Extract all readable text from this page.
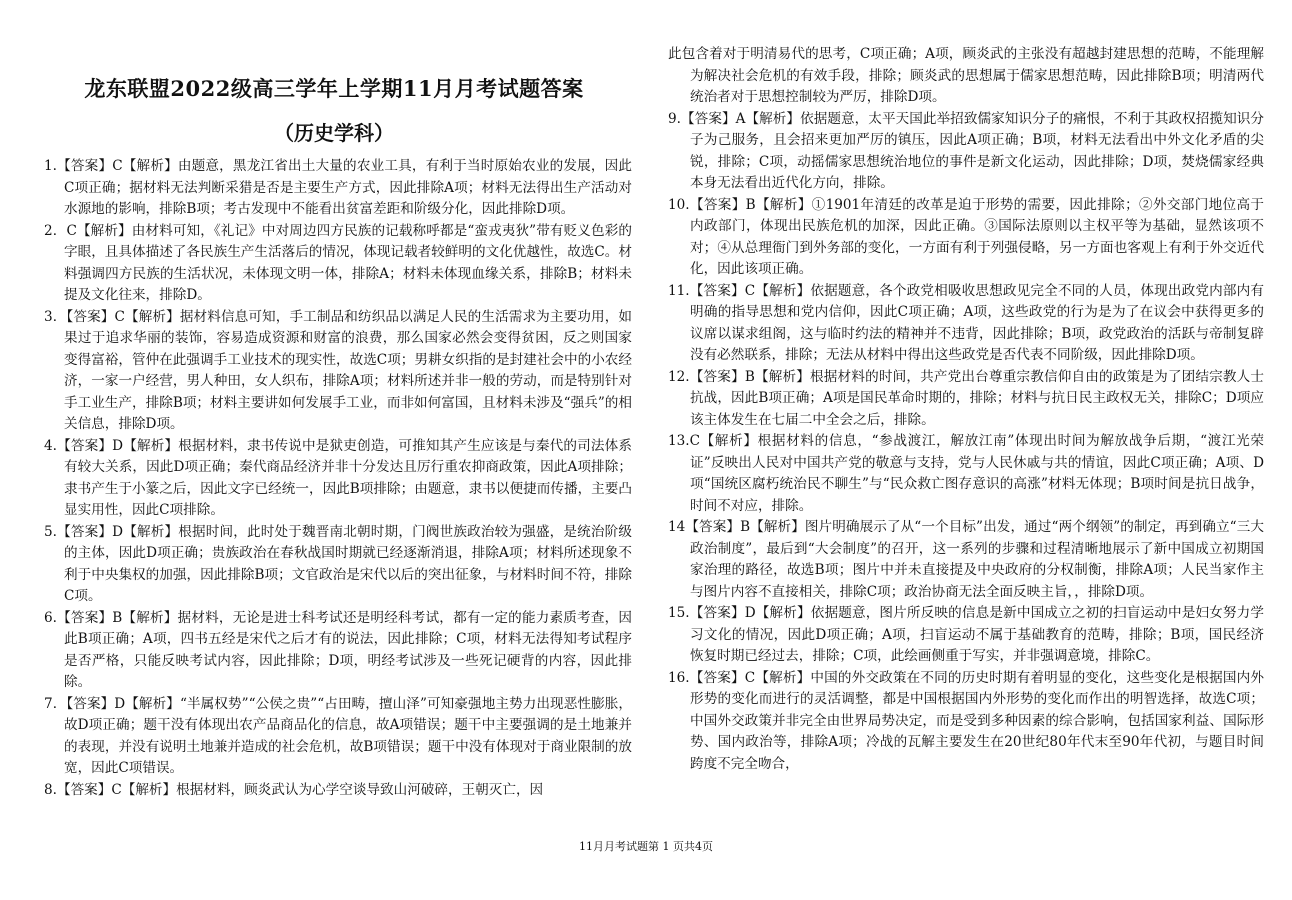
龙东联盟2022级高三学年上学期11月月考试题答案
（历史学科）

1.【答案】C【解析】由题意，黑龙江省出土大量的农业工具，有利于当时原始农业的发展，因此C项正确；据材料无法判断采猎是否是主要生产方式，因此排除A项；材料无法得出生产活动对水源地的影响，排除B项；考古发现中不能看出贫富差距和阶级分化，因此排除D项。

2．C【解析】由材料可知，《礼记》中对周边四方民族的记载称呼都是“蛮戎夷狄”带有贬义色彩的字眼，且具体描述了各民族生产生活落后的情况，体现记载者较鲜明的文化优越性，故选C。材料强调四方民族的生活状况，未体现文明一体，排除A；材料未体现血缘关系，排除B；材料未提及文化往来，排除D。

3．【答案】C【解析】据材料信息可知，手工制品和纺织品以满足人民的生活需求为主要功用，如果过于追求华丽的装饰，容易造成资源和财富的浪费，那么国家必然会变得贫困，反之则国家变得富裕，管仲在此强调手工业技术的现实性，故选C项；男耕女织指的是封建社会中的小农经济，一家一户经营，男人种田，女人织布，排除A项；材料所述并非一般的劳动，而是特别针对手工业生产，排除B项；材料主要讲如何发展手工业，而非如何富国，且材料未涉及“强兵”的相关信息，排除D项。

4.【答案】D【解析】根据材料，隶书传说中是狱吏创造，可推知其产生应该是与秦代的司法体系有较大关系，因此D项正确；秦代商品经济并非十分发达且厉行重农抑商政策，因此A项排除；隶书产生于小篆之后，因此文字已经统一，因此B项排除；由题意，隶书以便捷而传播，主要凸显实用性，因此C项排除。

5.【答案】D【解析】根据时间，此时处于魏晋南北朝时期，门阀世族政治较为强盛，是统治阶级的主体，因此D项正确；贵族政治在春秋战国时期就已经逐渐消退，排除A项；材料所述现象不利于中央集权的加强，因此排除B项；文官政治是宋代以后的突出征象，与材料时间不符，排除C项。

6.【答案】B【解析】据材料，无论是进士科考试还是明经科考试，都有一定的能力素质考查，因此B项正确；A项，四书五经是宋代之后才有的说法，因此排除；C项，材料无法得知考试程序是否严格，只能反映考试内容，因此排除；D项，明经考试涉及一些死记硬背的内容，因此排除。

7．【答案】D【解析】“半属权势”“公侯之贵”“占田畴，擅山泽”可知豪强地主势力出现恶性膨胀，故D项正确；题干没有体现出农产品商品化的信息，故A项错误；题干中主要强调的是土地兼并的表现，并没有说明土地兼并造成的社会危机，故B项错误；题干中没有体现对于商业限制的放宽，因此C项错误。

8.【答案】C【解析】根据材料，顾炎武认为心学空谈导致山河破碎，王朝灭亡，因

此包含着对于明清易代的思考，C项正确；A项，顾炎武的主张没有超越封建思想的范畴，不能理解为解决社会危机的有效手段，排除；顾炎武的思想属于儒家思想范畴，因此排除B项；明清两代统治者对于思想控制较为严厉，排除D项。

9.【答案】A【解析】依据题意，太平天国此举招致儒家知识分子的痛恨，不利于其政权招揽知识分子为己服务，且会招来更加严厉的镇压，因此A项正确；B项，材料无法看出中外文化矛盾的尖锐，排除；C项，动摇儒家思想统治地位的事件是新文化运动，因此排除；D项，焚烧儒家经典本身无法看出近代化方向，排除。

10.【答案】B【解析】①1901年清廷的改革是迫于形势的需要，因此排除；②外交部门地位高于内政部门，体现出民族危机的加深，因此正确。③国际法原则以主权平等为基础，显然该项不对；④从总理衙门到外务部的变化，一方面有利于列强侵略，另一方面也客观上有利于外交近代化，因此该项正确。

11.【答案】C【解析】依据题意，各个政党相吸收思想政见完全不同的人员，体现出政党内部内有明确的指导思想和党内信仰，因此C项正确；A项，这些政党的行为是为了在议会中获得更多的议席以谋求组阁，这与临时约法的精神并不违背，因此排除；B项，政党政治的活跃与帝制复辟没有必然联系，排除；无法从材料中得出这些政党是否代表不同阶级，因此排除D项。

12.【答案】B【解析】根据材料的时间，共产党出台尊重宗教信仰自由的政策是为了团结宗教人士抗战，因此B项正确；A项是国民革命时期的，排除；材料与抗日民主政权无关，排除C；D项应该主体发生在七届二中全会之后，排除。

13.C【解析】根据材料的信息，“参战渡江，解放江南”体现出时间为解放战争后期，“渡江光荣证”反映出人民对中国共产党的敬意与支持，党与人民休戚与共的情谊，因此C项正确；A项、D项“国统区腐朽统治民不聊生”与“民众救亡图存意识的高涨”材料无体现；B项时间是抗日战争，时间不对应，排除。

14【答案】B【解析】图片明确展示了从“一个目标”出发，通过“两个纲领”的制定，再到确立“三大政治制度”，最后到“大会制度”的召开，这一系列的步骤和过程清晰地展示了新中国成立初期国家治理的路径，故选B项；图片中并未直接提及中央政府的分权制衡，排除A项；人民当家作主与图片内容不直接相关，排除C项；政治协商无法全面反映主旨，，排除D项。

15.【答案】D【解析】依据题意，图片所反映的信息是新中国成立之初的扫盲运动中是妇女努力学习文化的情况，因此D项正确；A项，扫盲运动不属于基础教育的范畴，排除；B项，国民经济恢复时期已经过去，排除；C项，此绘画侧重于写实，并非强调意境，排除C。

16.【答案】C【解析】中国的外交政策在不同的历史时期有着明显的变化，这些变化是根据国内外形势的变化而进行的灵活调整，都是中国根据国内外形势的变化而作出的明智选择，故选C项；中国外交政策并非完全由世界局势决定，而是受到多种因素的综合影响，包括国家利益、国际形势、国内政治等，排除A项；冷战的瓦解主要发生在20世纪80年代末至90年代初，与题目时间跨度不完全吻合，

11月月考试题第 1 页共4页
